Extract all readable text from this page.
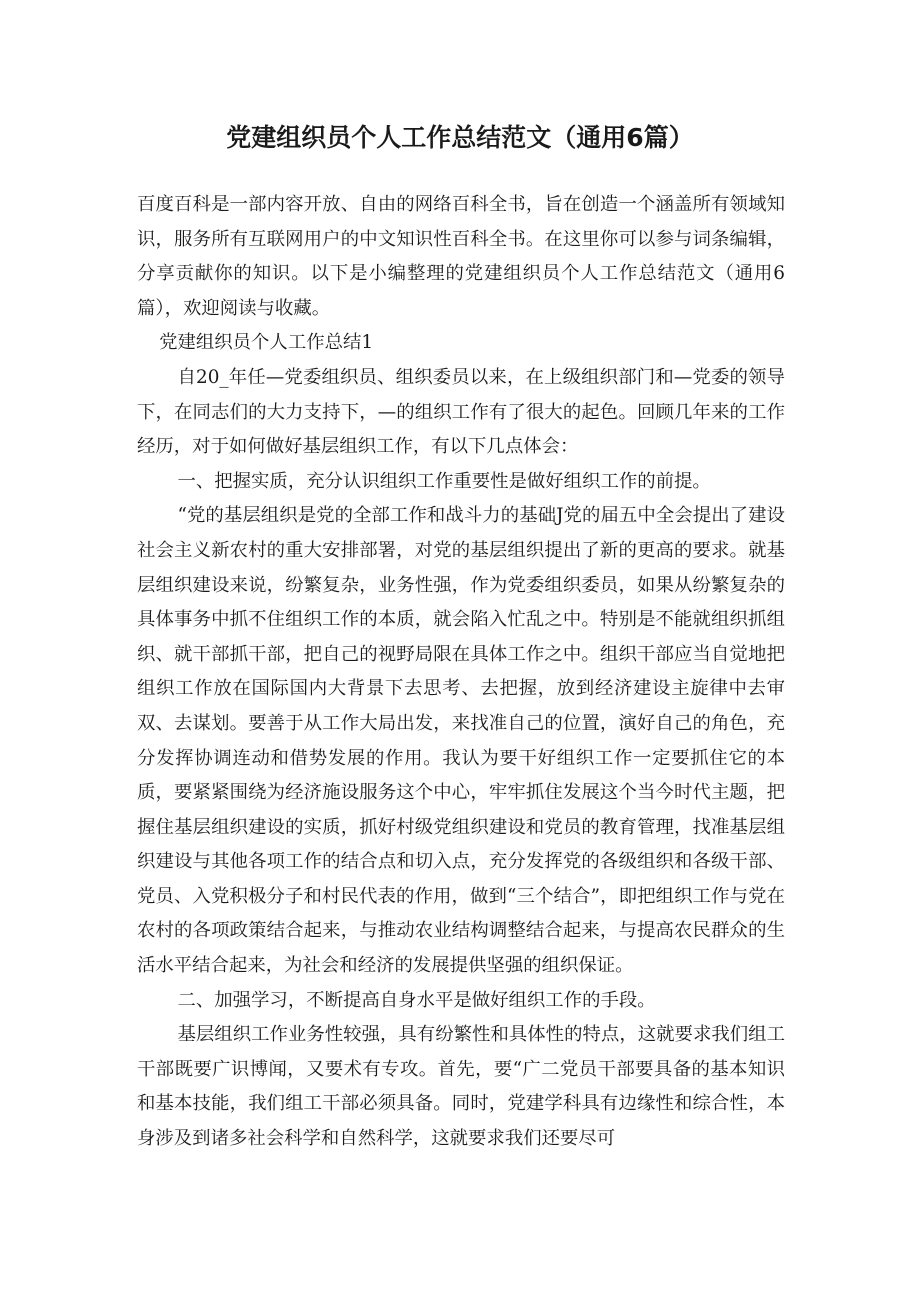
党建组织员个人工作总结范文（通用6篇）

百度百科是一部内容开放、自由的网络百科全书，旨在创造一个涵盖所有领域知识，服务所有互联网用户的中文知识性百科全书。在这里你可以参与词条编辑，分享贡献你的知识。以下是小编整理的党建组织员个人工作总结范文（通用6篇），欢迎阅读与收藏。

党建组织员个人工作总结1

自20_年任—党委组织员、组织委员以来，在上级组织部门和—党委的领导下，在同志们的大力支持下，—的组织工作有了很大的起色。回顾几年来的工作经历，对于如何做好基层组织工作，有以下几点体会：

一、把握实质，充分认识组织工作重要性是做好组织工作的前提。

“党的基层组织是党的全部工作和战斗力的基础J党的届五中全会提出了建设社会主义新农村的重大安排部署，对党的基层组织提出了新的更高的要求。就基层组织建设来说，纷繁复杂，业务性强，作为党委组织委员，如果从纷繁复杂的具体事务中抓不住组织工作的本质，就会陷入忙乱之中。特别是不能就组织抓组织、就干部抓干部，把自己的视野局限在具体工作之中。组织干部应当自觉地把组织工作放在国际国内大背景下去思考、去把握，放到经济建设主旋律中去审双、去谋划。要善于从工作大局出发，来找准自己的位置，演好自己的角色，充分发挥协调连动和借势发展的作用。我认为要干好组织工作一定要抓住它的本质，要紧紧围绕为经济施设服务这个中心，牢牢抓住发展这个当今时代主题，把握住基层组织建设的实质，抓好村级党组织建设和党员的教育管理，找准基层组织建设与其他各项工作的结合点和切入点，充分发挥党的各级组织和各级干部、党员、入党积极分子和村民代表的作用，做到“三个结合”，即把组织工作与党在农村的各项政策结合起来，与推动农业结构调整结合起来，与提高农民群众的生活水平结合起来，为社会和经济的发展提供坚强的组织保证。

二、加强学习，不断提高自身水平是做好组织工作的手段。

基层组织工作业务性较强，具有纷繁性和具体性的特点，这就要求我们组工干部既要广识博闻，又要术有专攻。首先，要“广二党员干部要具备的基本知识和基本技能，我们组工干部必须具备。同时，党建学科具有边缘性和综合性，本身涉及到诸多社会科学和自然科学，这就要求我们还要尽可
